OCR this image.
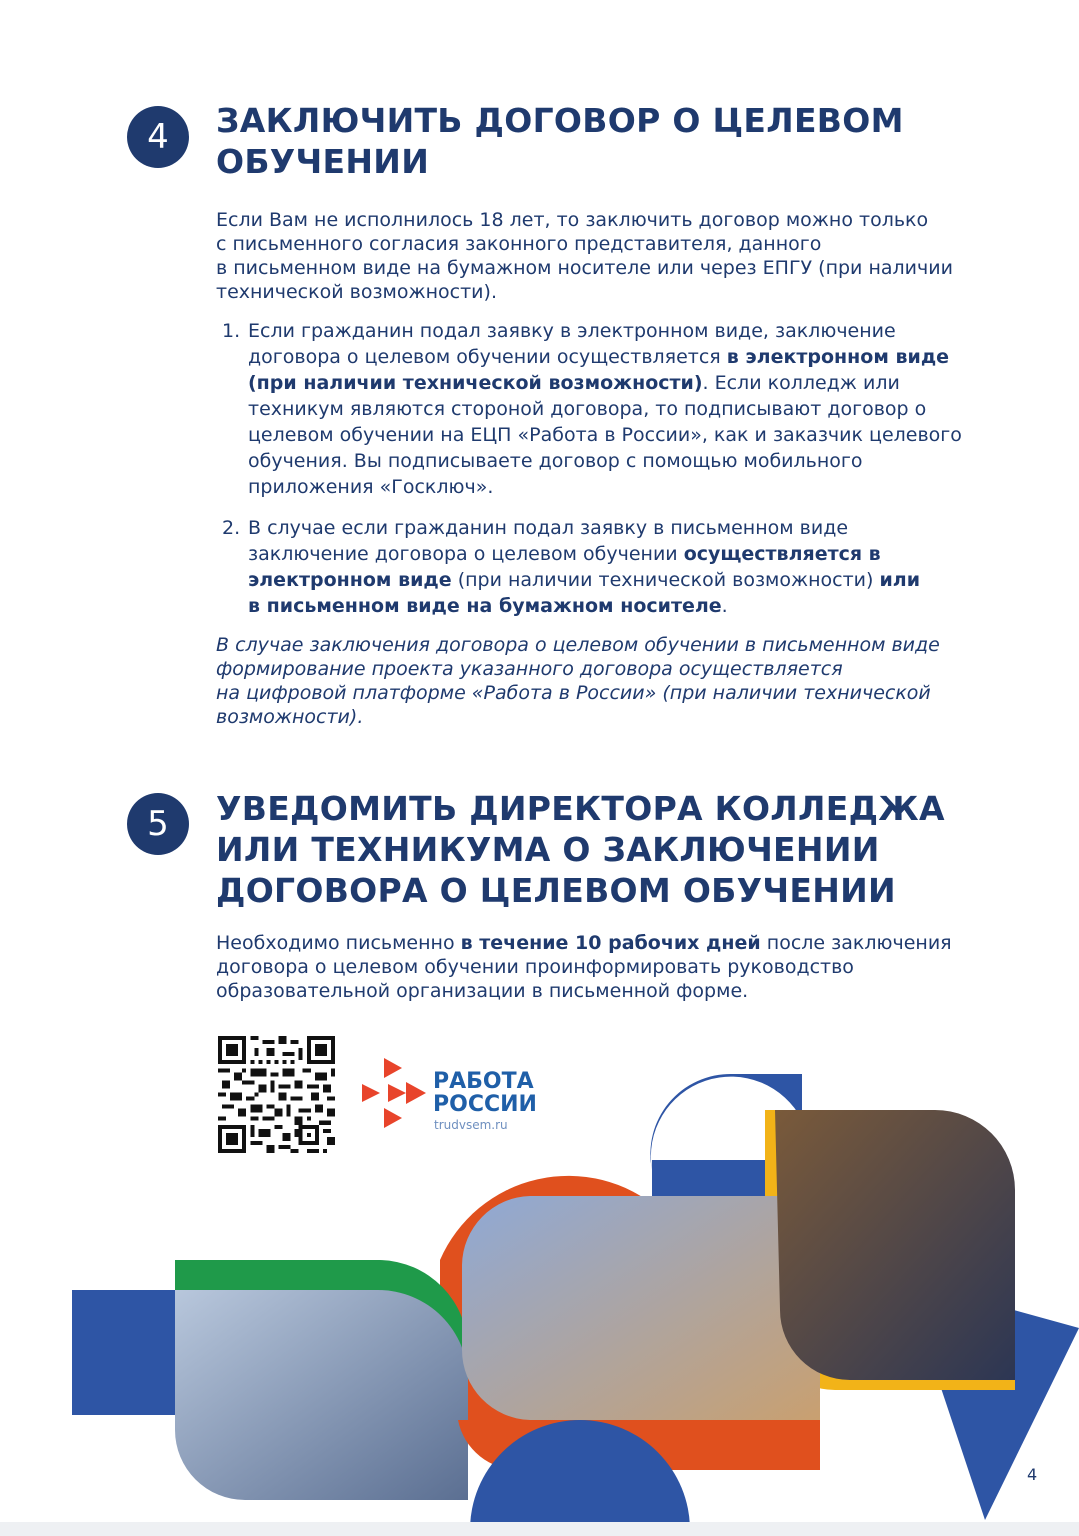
4	ЗАКЛЮЧИТЬ ДОГОВОР О ЦЕЛЕВОМ
ОБУЧЕНИИ

Если Вам не исполнилось 18 лет, то заключить договор можно только
с письменного согласия законного представителя, данного
в письменном виде на бумажном носителе или через ЕПГУ (при наличии
технической возможности).

1. Если гражданин подал заявку в электронном виде, заключение договора о целевом обучении осуществляется в электронном виде (при наличии технической возможности). Если колледж или техникум являются стороной договора, то подписывают договор о целевом обучении на ЕЦП «Работа в России», как и заказчик целевого обучения. Вы подписываете договор с помощью мобильного приложения «Госключ».
2. В случае если гражданин подал заявку в письменном виде заключение договора о целевом обучении осуществляется в электронном виде (при наличии технической возможности) или в письменном виде на бумажном носителе.

В случае заключения договора о целевом обучении в письменном виде
формирование проекта указанного договора осуществляется
на цифровой платформе «Работа в России» (при наличии технической
возможности).

5	УВЕДОМИТЬ ДИРЕКТОРА КОЛЛЕДЖА
ИЛИ ТЕХНИКУМА О ЗАКЛЮЧЕНИИ
ДОГОВОРА О ЦЕЛЕВОМ ОБУЧЕНИИ

Необходимо письменно в течение 10 рабочих дней после заключения
договора о целевом обучении проинформировать руководство
образовательной организации в письменной форме.

РАБОТА
РОССИИ
trudvsem.ru
4
